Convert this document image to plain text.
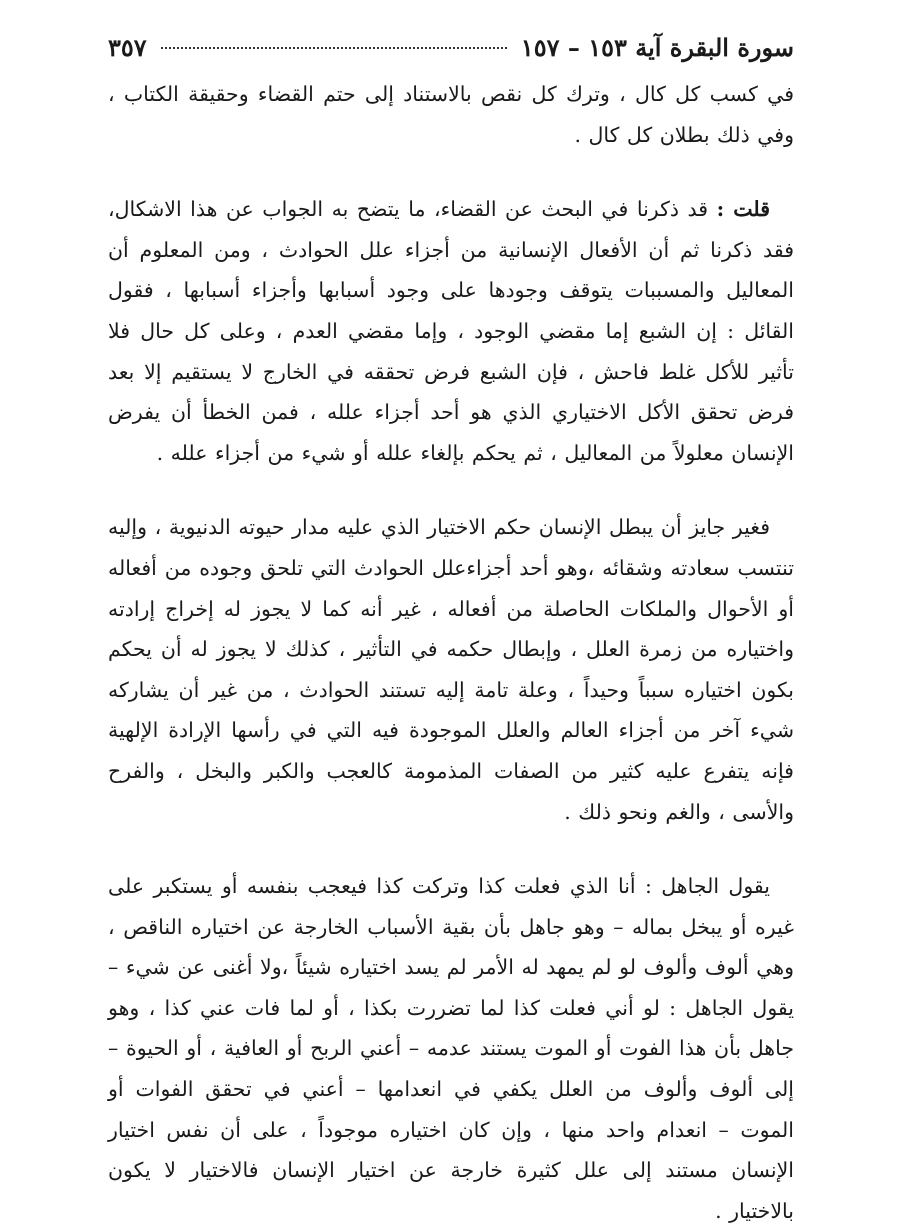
سورة البقرة آية ١٥٣ – ١٥٧
٣٥٧

في كسب كل كال ، وترك كل نقص بالاستناد إلى حتم القضاء وحقيقة الكتاب ، وفي ذلك بطلان كل كال .

قلت : قد ذكرنا في البحث عن القضاء، ما يتضح به الجواب عن هذا الاشكال، فقد ذكرنا ثم أن الأفعال الإنسانية من أجزاء علل الحوادث ، ومن المعلوم أن المعاليل والمسببات يتوقف وجودها على وجود أسبابها وأجزاء أسبابها ، فقول القائل : إن الشبع إما مقضي الوجود ، وإما مقضي العدم ، وعلى كل حال فلا تأثير للأكل غلط فاحش ، فإن الشبع فرض تحققه في الخارج لا يستقيم إلا بعد فرض تحقق الأكل الاختياري الذي هو أحد أجزاء علله ، فمن الخطأ أن يفرض الإنسان معلولاً من المعاليل ، ثم يحكم بإلغاء علله أو شيء من أجزاء علله .

فغير جايز أن يبطل الإنسان حكم الاختيار الذي عليه مدار حيوته الدنيوية ، وإليه تنتسب سعادته وشقائه ،وهو أحد أجزاءعلل الحوادث التي تلحق وجوده من أفعاله أو الأحوال والملكات الحاصلة من أفعاله ، غير أنه كما لا يجوز له إخراج إرادته واختياره من زمرة العلل ، وإبطال حكمه في التأثير ، كذلك لا يجوز له أن يحكم بكون اختياره سبباً وحيداً ، وعلة تامة إليه تستند الحوادث ، من غير أن يشاركه شيء آخر من أجزاء العالم والعلل الموجودة فيه التي في رأسها الإرادة الإلهية فإنه يتفرع عليه كثير من الصفات المذمومة كالعجب والكبر والبخل ، والفرح والأسى ، والغم ونحو ذلك .

يقول الجاهل : أنا الذي فعلت كذا وتركت كذا فيعجب بنفسه أو يستكبر على غيره أو يبخل بماله – وهو جاهل بأن بقية الأسباب الخارجة عن اختياره الناقص ، وهي ألوف وألوف لو لم يمهد له الأمر لم يسد اختياره شيئاً ،ولا أغنى عن شيء – يقول الجاهل : لو أني فعلت كذا لما تضررت بكذا ، أو لما فات عني كذا ، وهو جاهل بأن هذا الفوت أو الموت يستند عدمه – أعني الربح أو العافية ، أو الحيوة – إلى ألوف وألوف من العلل يكفي في انعدامها – أعني في تحقق الفوات أو الموت – انعدام واحد منها ، وإن كان اختياره موجوداً ، على أن نفس اختيار الإنسان مستند إلى علل كثيرة خارجة عن اختيار الإنسان فالاختيار لا يكون بالاختيار .
